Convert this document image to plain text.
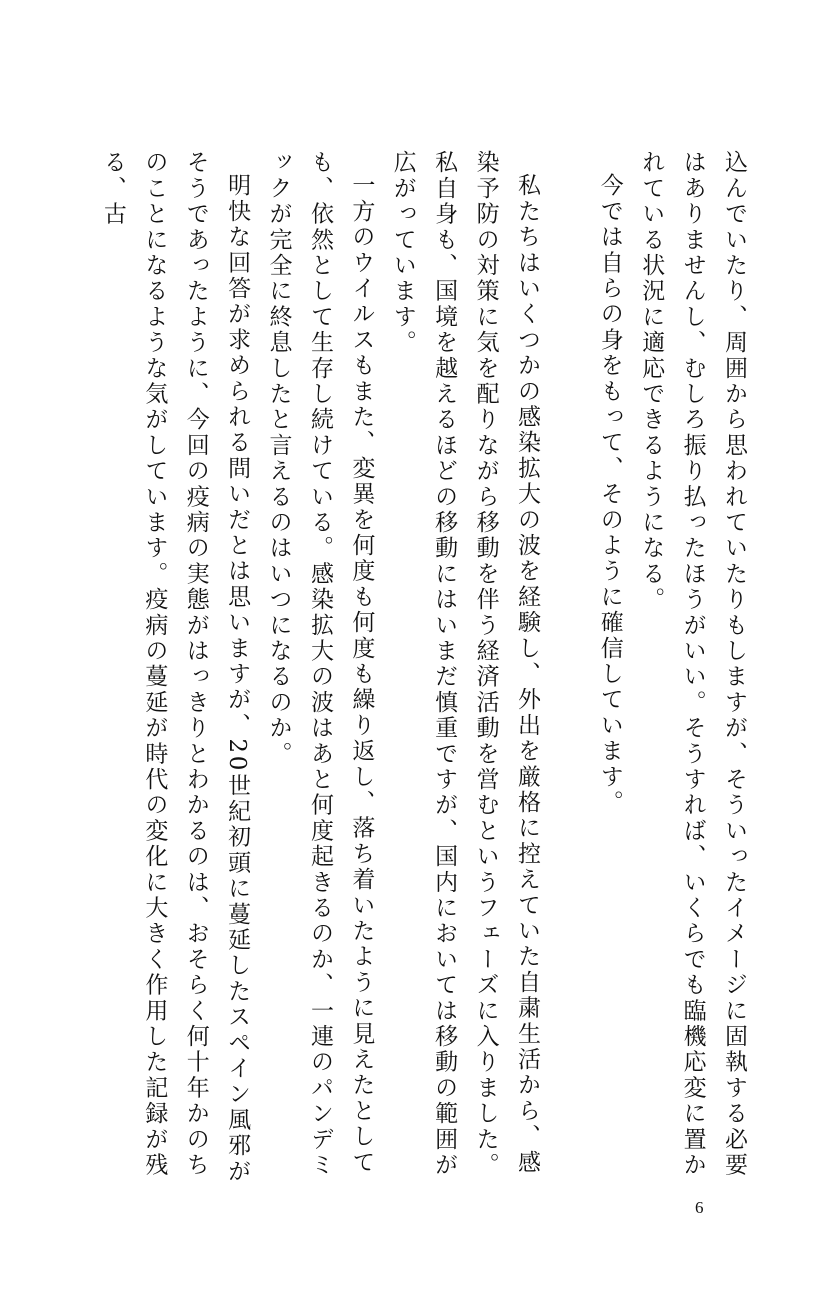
込んでいたり、周囲から思われていたりもしますが、そういったイメージに固執する必要はありませんし、むしろ振り払ったほうがいい。そうすれば、いくらでも臨機応変に置かれている状況に適応できるようになる。

今では自らの身をもって、そのように確信しています。

私たちはいくつかの感染拡大の波を経験し、外出を厳格に控えていた自粛生活から、感染予防の対策に気を配りながら移動を伴う経済活動を営むというフェーズに入りました。私自身も、国境を越えるほどの移動にはいまだ慎重ですが、国内においては移動の範囲が広がっています。

一方のウイルスもまた、変異を何度も何度も繰り返し、落ち着いたように見えたとしても、依然として生存し続けている。感染拡大の波はあと何度起きるのか、一連のパンデミックが完全に終息したと言えるのはいつになるのか。

明快な回答が求められる問いだとは思いますが、20世紀初頭に蔓延したスペイン風邪がそうであったように、今回の疫病の実態がはっきりとわかるのは、おそらく何十年かのちのことになるような気がしています。疫病の蔓延が時代の変化に大きく作用した記録が残る、古

6
